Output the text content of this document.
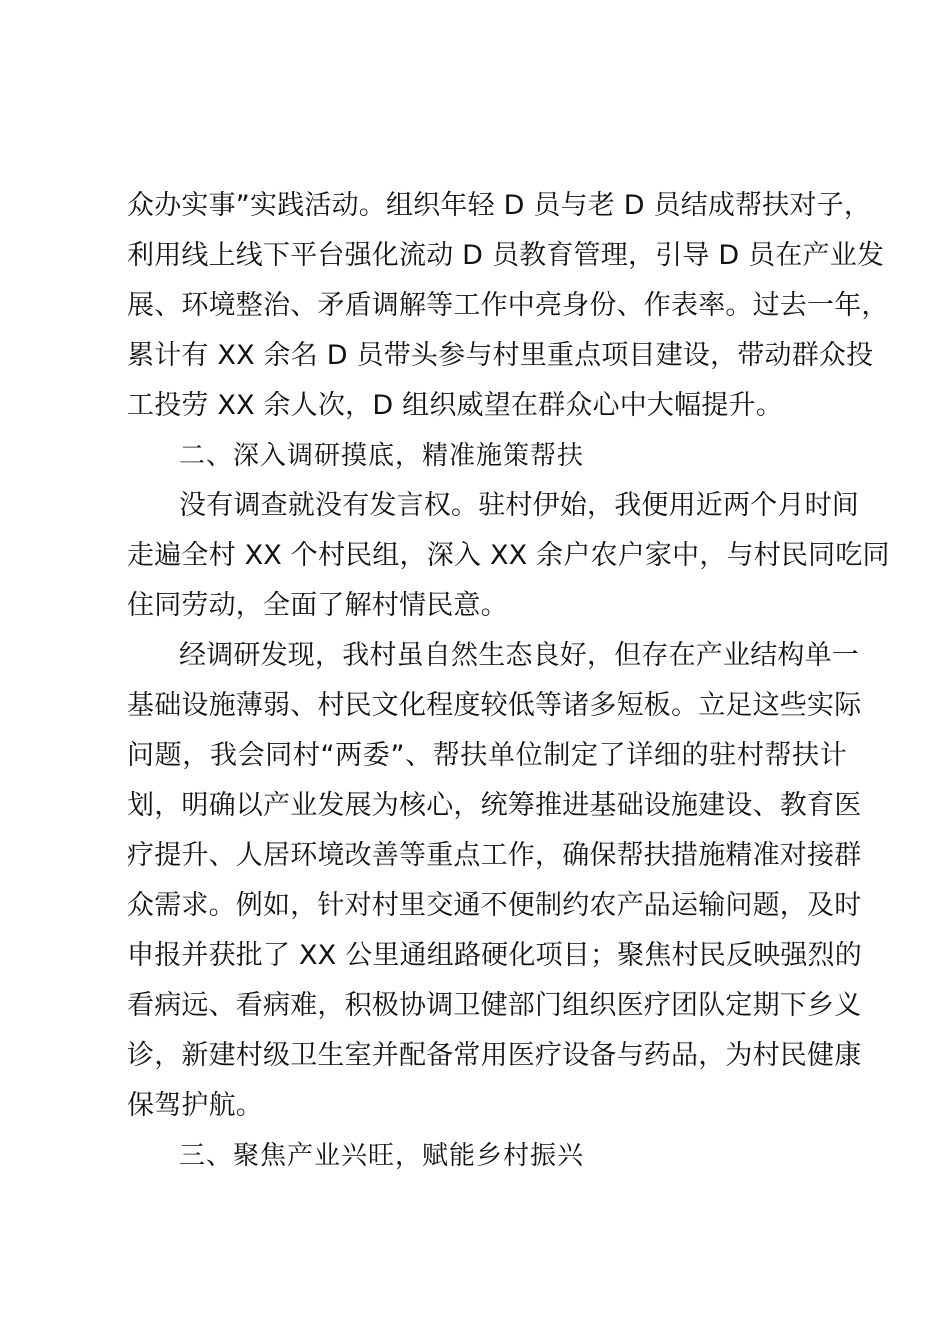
众办实事”实践活动。组织年轻 D 员与老 D 员结成帮扶对子，
利用线上线下平台强化流动 D 员教育管理，引导 D 员在产业发
展、环境整治、矛盾调解等工作中亮身份、作表率。过去一年，
累计有 XX 余名 D 员带头参与村里重点项目建设，带动群众投
工投劳 XX 余人次，D 组织威望在群众心中大幅提升。
二、深入调研摸底，精准施策帮扶
没有调查就没有发言权。驻村伊始，我便用近两个月时间
走遍全村 XX 个村民组，深入 XX 余户农户家中，与村民同吃同
住同劳动，全面了解村情民意。
经调研发现，我村虽自然生态良好，但存在产业结构单一
基础设施薄弱、村民文化程度较低等诸多短板。立足这些实际
问题，我会同村“两委”、帮扶单位制定了详细的驻村帮扶计
划，明确以产业发展为核心，统筹推进基础设施建设、教育医
疗提升、人居环境改善等重点工作，确保帮扶措施精准对接群
众需求。例如，针对村里交通不便制约农产品运输问题，及时
申报并获批了 XX 公里通组路硬化项目；聚焦村民反映强烈的
看病远、看病难，积极协调卫健部门组织医疗团队定期下乡义
诊，新建村级卫生室并配备常用医疗设备与药品，为村民健康
保驾护航。
三、聚焦产业兴旺，赋能乡村振兴
